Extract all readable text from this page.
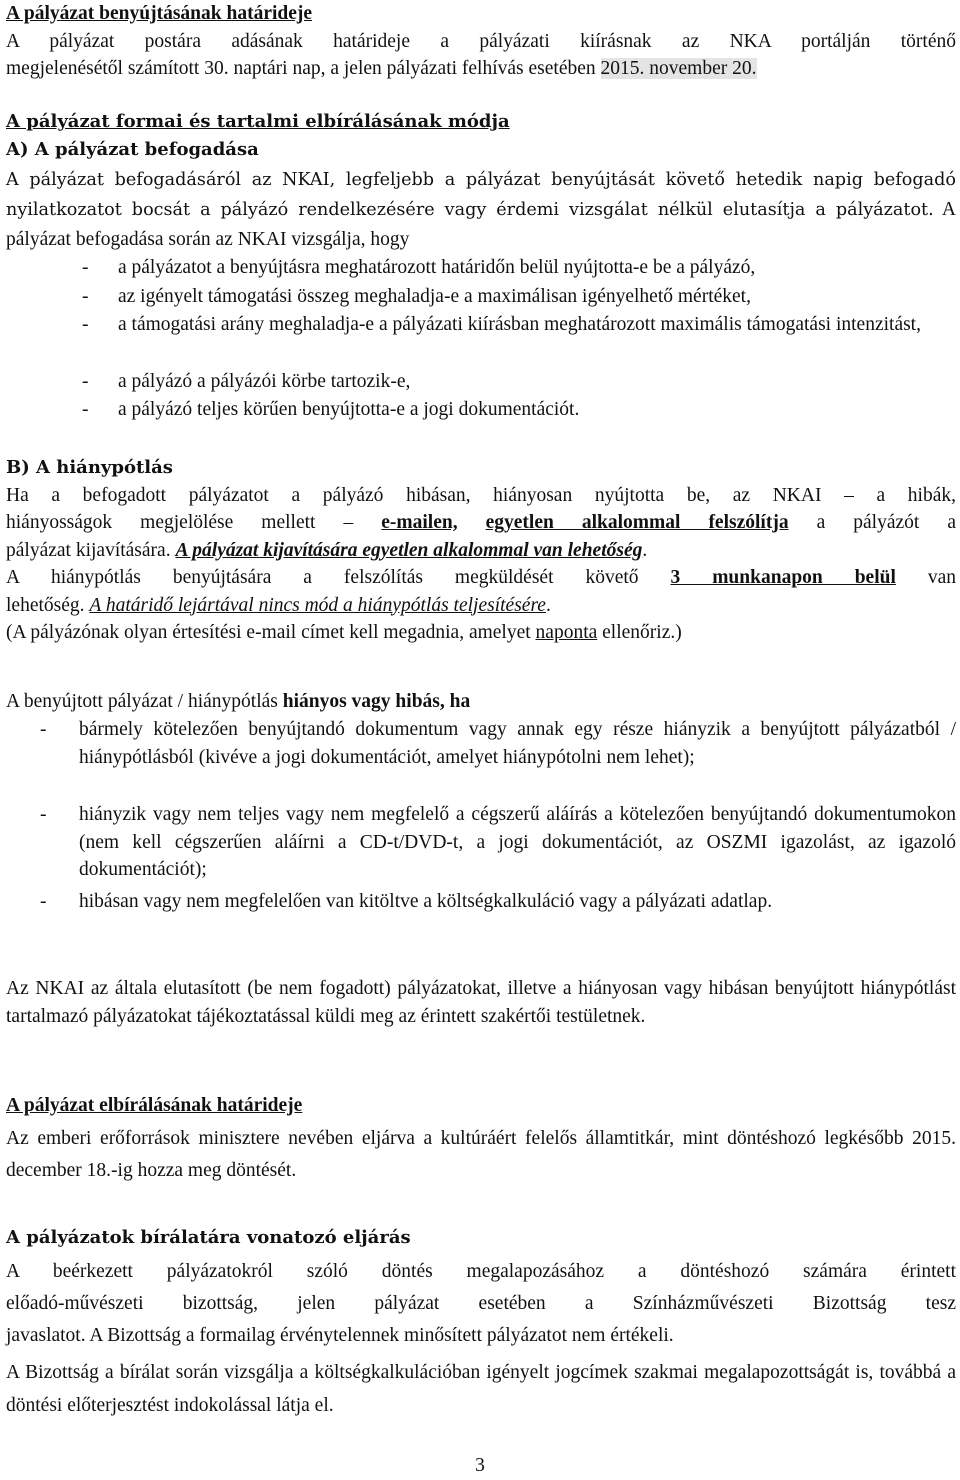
A pályázat benyújtásának határideje
A pályázat postára adásának határideje a pályázati kiírásnak az NKA portálján történő
megjelenésétől számított 30. naptári nap, a jelen pályázati felhívás esetében 2015. november 20.
A pályázat formai és tartalmi elbírálásának módja
A) A pályázat befogadása
A pályázat befogadásáról az NKAI, legfeljebb a pályázat benyújtását követő hetedik napig befogadó nyilatkozatot bocsát a pályázó rendelkezésére vagy érdemi vizsgálat nélkül elutasítja a pályázatot. A pályázat befogadása során az NKAI vizsgálja, hogy
- a pályázatot a benyújtásra meghatározott határidőn belül nyújtotta-e be a pályázó,
- az igényelt támogatási összeg meghaladja-e a maximálisan igényelhető mértéket,
- a támogatási arány meghaladja-e a pályázati kiírásban meghatározott maximális támogatási intenzitást,
- a pályázó a pályázói körbe tartozik-e,
- a pályázó teljes körűen benyújtotta-e a jogi dokumentációt.
B) A hiánypótlás
Ha a befogadott pályázatot a pályázó hibásan, hiányosan nyújtotta be, az NKAI – a hibák,
hiányosságok megjelölése mellett – e-mailen, egyetlen alkalommal felszólítja a pályázót a
pályázat kijavítására. A pályázat kijavítására egyetlen alkalommal van lehetőség.
A hiánypótlás benyújtására a felszólítás megküldését követő 3 munkanapon belül van
lehetőség. A határidő lejártával nincs mód a hiánypótlás teljesítésére.
(A pályázónak olyan értesítési e-mail címet kell megadnia, amelyet naponta ellenőriz.)
A benyújtott pályázat / hiánypótlás hiányos vagy hibás, ha
- bármely kötelezően benyújtandó dokumentum vagy annak egy része hiányzik a benyújtott pályázatból / hiánypótlásból (kivéve a jogi dokumentációt, amelyet hiánypótolni nem lehet);
- hiányzik vagy nem teljes vagy nem megfelelő a cégszerű aláírás a kötelezően benyújtandó dokumentumokon (nem kell cégszerűen aláírni a CD-t/DVD-t, a jogi dokumentációt, az OSZMI igazolást, az igazoló dokumentációt);
- hibásan vagy nem megfelelően van kitöltve a költségkalkuláció vagy a pályázati adatlap.
Az NKAI az általa elutasított (be nem fogadott) pályázatokat, illetve a hiányosan vagy hibásan benyújtott hiánypótlást tartalmazó pályázatokat tájékoztatással küldi meg az érintett szakértői testületnek.
A pályázat elbírálásának határideje
Az emberi erőforrások minisztere nevében eljárva a kultúráért felelős államtitkár, mint döntéshozó legkésőbb 2015. december 18.-ig hozza meg döntését.
A pályázatok bírálatára vonatozó eljárás
A beérkezett pályázatokról szóló döntés megalapozásához a döntéshozó számára érintett
előadó-művészeti bizottság, jelen pályázat esetében a Színházművészeti Bizottság tesz
javaslatot. A Bizottság a formailag érvénytelennek minősített pályázatot nem értékeli.
A Bizottság a bírálat során vizsgálja a költségkalkulációban igényelt jogcímek szakmai megalapozottságát is, továbbá a döntési előterjesztést indokolással látja el.
3
